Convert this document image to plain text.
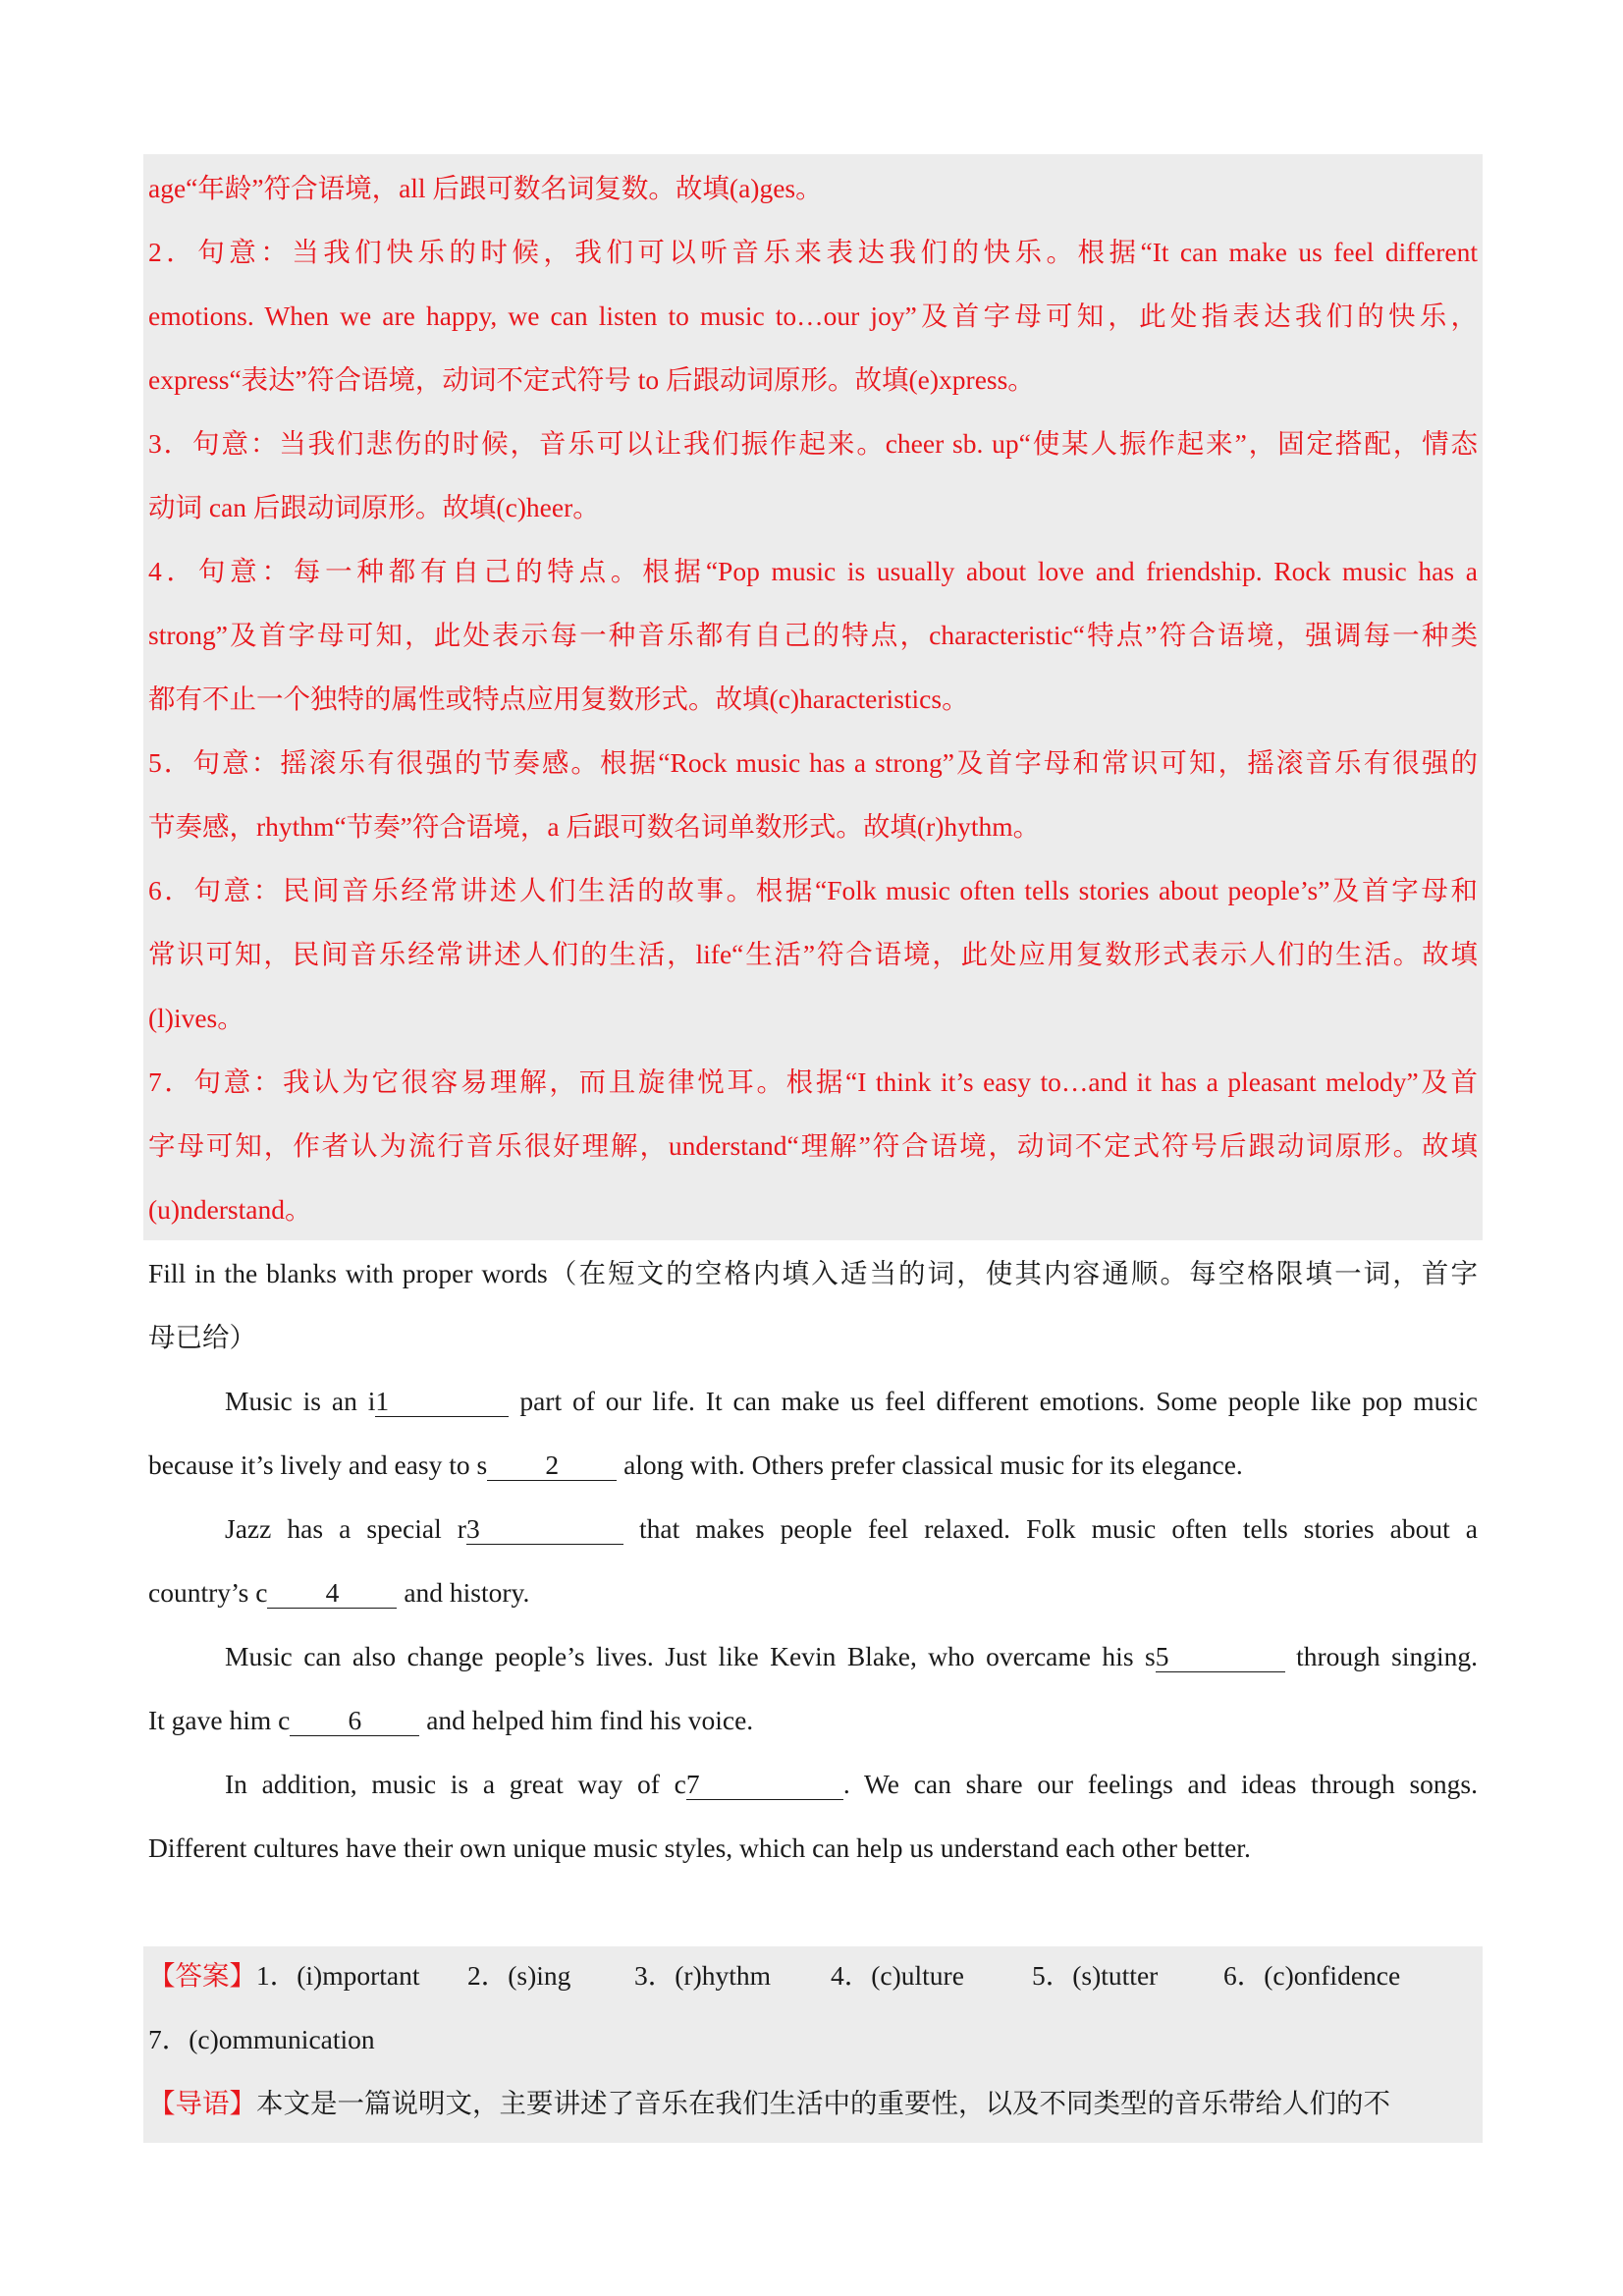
age“年龄”符合语境，all 后跟可数名词复数。故填(a)ges。
2．句意：当我们快乐的时候，我们可以听音乐来表达我们的快乐。根据“It can make us feel different
emotions. When we are happy, we can listen to music to…our joy”及首字母可知，此处指表达我们的快乐，
express“表达”符合语境，动词不定式符号 to 后跟动词原形。故填(e)xpress。
3．句意：当我们悲伤的时候，音乐可以让我们振作起来。cheer sb. up“使某人振作起来”，固定搭配，情态
动词 can 后跟动词原形。故填(c)heer。
4．句意：每一种都有自己的特点。根据“Pop music is usually about love and friendship. Rock music has a
strong”及首字母可知，此处表示每一种音乐都有自己的特点，characteristic“特点”符合语境，强调每一种类
都有不止一个独特的属性或特点应用复数形式。故填(c)haracteristics。
5．句意：摇滚乐有很强的节奏感。根据“Rock music has a strong”及首字母和常识可知，摇滚音乐有很强的
节奏感，rhythm“节奏”符合语境，a 后跟可数名词单数形式。故填(r)hythm。
6．句意：民间音乐经常讲述人们生活的故事。根据“Folk music often tells stories about people’s”及首字母和
常识可知，民间音乐经常讲述人们的生活，life“生活”符合语境，此处应用复数形式表示人们的生活。故填
(l)ives。
7．句意：我认为它很容易理解，而且旋律悦耳。根据“I think it’s easy to…and it has a pleasant melody”及首
字母可知，作者认为流行音乐很好理解，understand“理解”符合语境，动词不定式符号后跟动词原形。故填
(u)nderstand。
Fill in the blanks with proper words（在短文的空格内填入适当的词，使其内容通顺。每空格限填一词，首字
母已给）
Music is an i1	part of our life. It can make us feel different emotions. Some people like pop music
because it’s lively and easy to s 2 along with. Others prefer classical music for its elegance.
Jazz has a special r3	that makes people feel relaxed. Folk music often tells stories about a
country’s c 4 and history.
Music can also change people’s lives. Just like Kevin Blake, who overcame his s5	through singing.
It gave him c 6 and helped him find his voice.
In addition, music is a great way of c7	. We can share our feelings and ideas through songs.
Different cultures have their own unique music styles, which can help us understand each other better.
【答案】1．(i)mportant 2．(s)ing 3．(r)hythm 4．(c)ulture	5．(s)tutter 6．(c)onfidence
7．(c)ommunication
【导语】本文是一篇说明文，主要讲述了音乐在我们生活中的重要性，以及不同类型的音乐带给人们的不
